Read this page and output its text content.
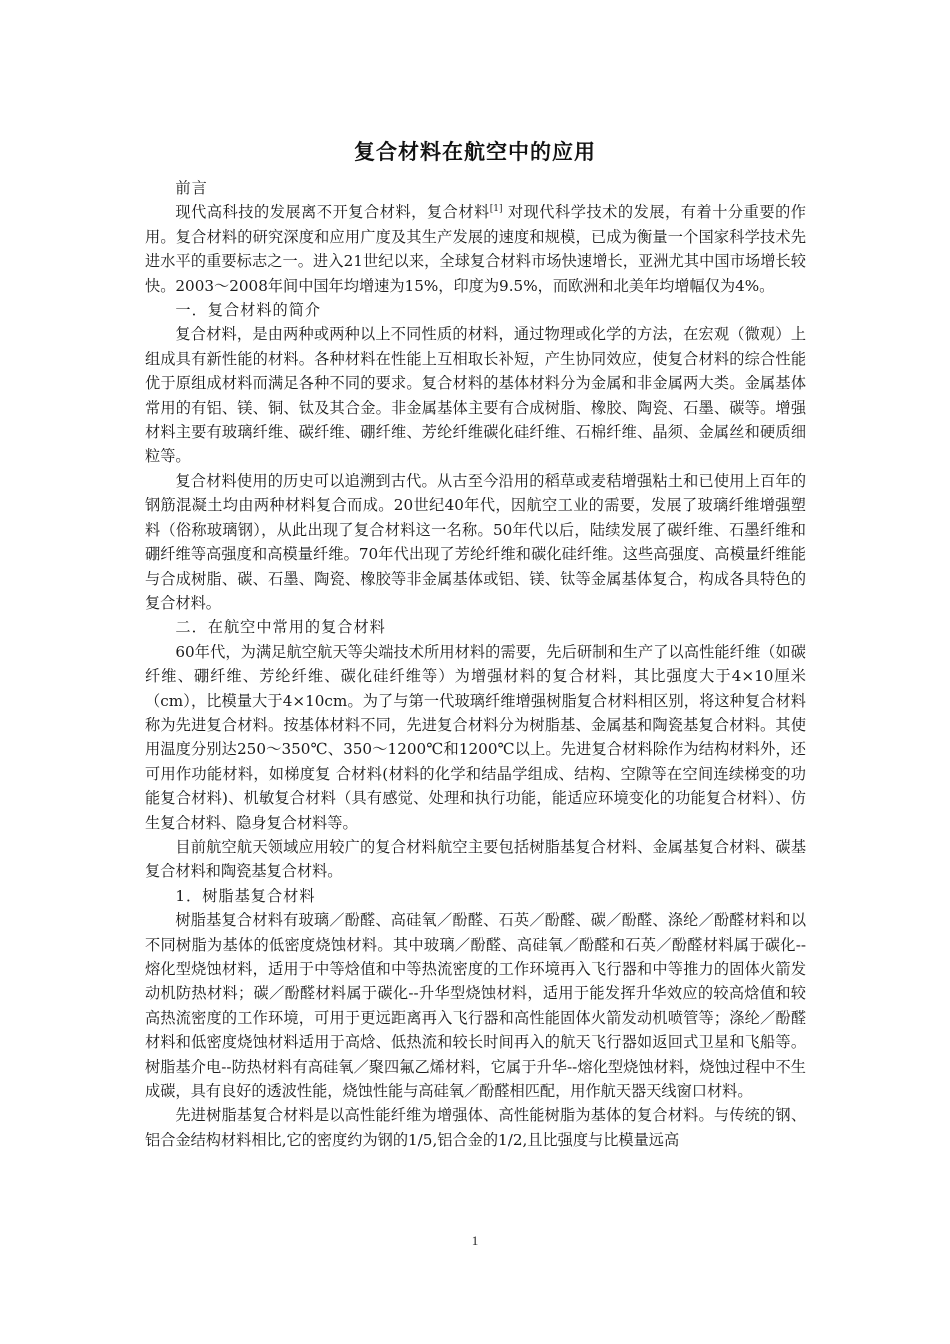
复合材料在航空中的应用

前言

现代高科技的发展离不开复合材料，复合材料[1] 对现代科学技术的发展，有着十分重要的作用。复合材料的研究深度和应用广度及其生产发展的速度和规模，已成为衡量一个国家科学技术先进水平的重要标志之一。进入21世纪以来，全球复合材料市场快速增长，亚洲尤其中国市场增长较快。2003～2008年间中国年均增速为15%，印度为9.5%，而欧洲和北美年均增幅仅为4%。

一．复合材料的简介

复合材料，是由两种或两种以上不同性质的材料，通过物理或化学的方法，在宏观（微观）上组成具有新性能的材料。各种材料在性能上互相取长补短，产生协同效应，使复合材料的综合性能优于原组成材料而满足各种不同的要求。复合材料的基体材料分为金属和非金属两大类。金属基体常用的有铝、镁、铜、钛及其合金。非金属基体主要有合成树脂、橡胶、陶瓷、石墨、碳等。增强材料主要有玻璃纤维、碳纤维、硼纤维、芳纶纤维碳化硅纤维、石棉纤维、晶须、金属丝和硬质细粒等。

复合材料使用的历史可以追溯到古代。从古至今沿用的稻草或麦秸增强粘土和已使用上百年的钢筋混凝土均由两种材料复合而成。20世纪40年代，因航空工业的需要，发展了玻璃纤维增强塑料（俗称玻璃钢），从此出现了复合材料这一名称。50年代以后，陆续发展了碳纤维、石墨纤维和硼纤维等高强度和高模量纤维。70年代出现了芳纶纤维和碳化硅纤维。这些高强度、高模量纤维能与合成树脂、碳、石墨、陶瓷、橡胶等非金属基体或铝、镁、钛等金属基体复合，构成各具特色的复合材料。

二．在航空中常用的复合材料

60年代，为满足航空航天等尖端技术所用材料的需要，先后研制和生产了以高性能纤维（如碳纤维、硼纤维、芳纶纤维、碳化硅纤维等）为增强材料的复合材料，其比强度大于4×10厘米（cm），比模量大于4×10cm。为了与第一代玻璃纤维增强树脂复合材料相区别，将这种复合材料称为先进复合材料。按基体材料不同，先进复合材料分为树脂基、金属基和陶瓷基复合材料。其使用温度分别达250～350℃、350～1200℃和1200℃以上。先进复合材料除作为结构材料外，还可用作功能材料，如梯度复 合材料(材料的化学和结晶学组成、结构、空隙等在空间连续梯变的功能复合材料)、机敏复合材料（具有感觉、处理和执行功能，能适应环境变化的功能复合材料）、仿生复合材料、隐身复合材料等。

目前航空航天领域应用较广的复合材料航空主要包括树脂基复合材料、金属基复合材料、碳基复合材料和陶瓷基复合材料。

1．树脂基复合材料

树脂基复合材料有玻璃／酚醛、高硅氧／酚醛、石英／酚醛、碳／酚醛、涤纶／酚醛材料和以不同树脂为基体的低密度烧蚀材料。其中玻璃／酚醛、高硅氧／酚醛和石英／酚醛材料属于碳化--熔化型烧蚀材料，适用于中等焓值和中等热流密度的工作环境再入飞行器和中等推力的固体火箭发动机防热材料；碳／酚醛材料属于碳化--升华型烧蚀材料，适用于能发挥升华效应的较高焓值和较高热流密度的工作环境，可用于更远距离再入飞行器和高性能固体火箭发动机喷管等；涤纶／酚醛材料和低密度烧蚀材料适用于高焓、低热流和较长时间再入的航天飞行器如返回式卫星和飞船等。树脂基介电--防热材料有高硅氧／聚四氟乙烯材料，它属于升华--熔化型烧蚀材料，烧蚀过程中不生成碳，具有良好的透波性能，烧蚀性能与高硅氧／酚醛相匹配，用作航天器天线窗口材料。

先进树脂基复合材料是以高性能纤维为增强体、高性能树脂为基体的复合材料。与传统的钢、铝合金结构材料相比,它的密度约为钢的1/5,铝合金的1/2,且比强度与比模量远高

1
